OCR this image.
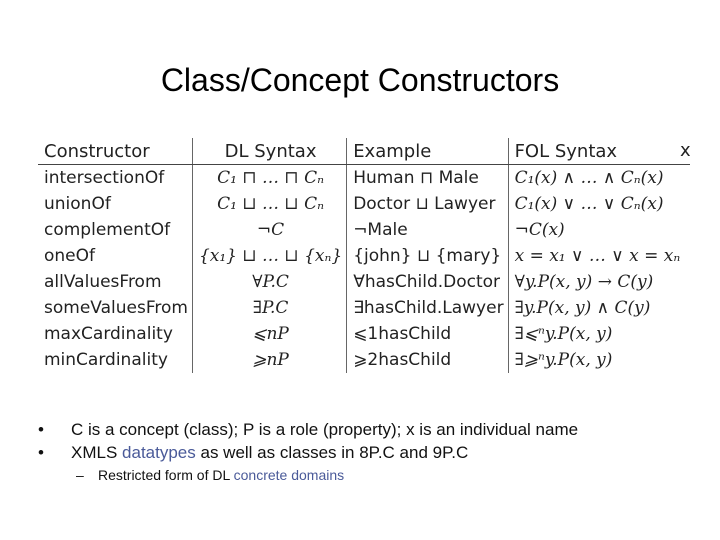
Class/Concept Constructors
Constructor	DL Syntax	Example	FOL Syntax
intersectionOf	C₁ ⊓ … ⊓ Cₙ	Human ⊓ Male	C₁(x) ∧ … ∧ Cₙ(x)
unionOf	C₁ ⊔ … ⊔ Cₙ	Doctor ⊔ Lawyer	C₁(x) ∨ … ∨ Cₙ(x)
complementOf	¬C	¬Male	¬C(x)
oneOf	{x₁} ⊔ … ⊔ {xₙ}	{john} ⊔ {mary}	x = x₁ ∨ … ∨ x = xₙ
allValuesFrom	∀P.C	∀hasChild.Doctor	∀y.P(x, y) → C(y)
someValuesFrom	∃P.C	∃hasChild.Lawyer	∃y.P(x, y) ∧ C(y)
maxCardinality	⩽nP	⩽1hasChild	∃⩽ⁿy.P(x, y)
minCardinality	⩾nP	⩾2hasChild	∃⩾ⁿy.P(x, y)
x
• C is a concept (class); P is a role (property); x is an individual name
• XMLS datatypes as well as classes in 8P.C and 9P.C
– Restricted form of DL concrete domains
